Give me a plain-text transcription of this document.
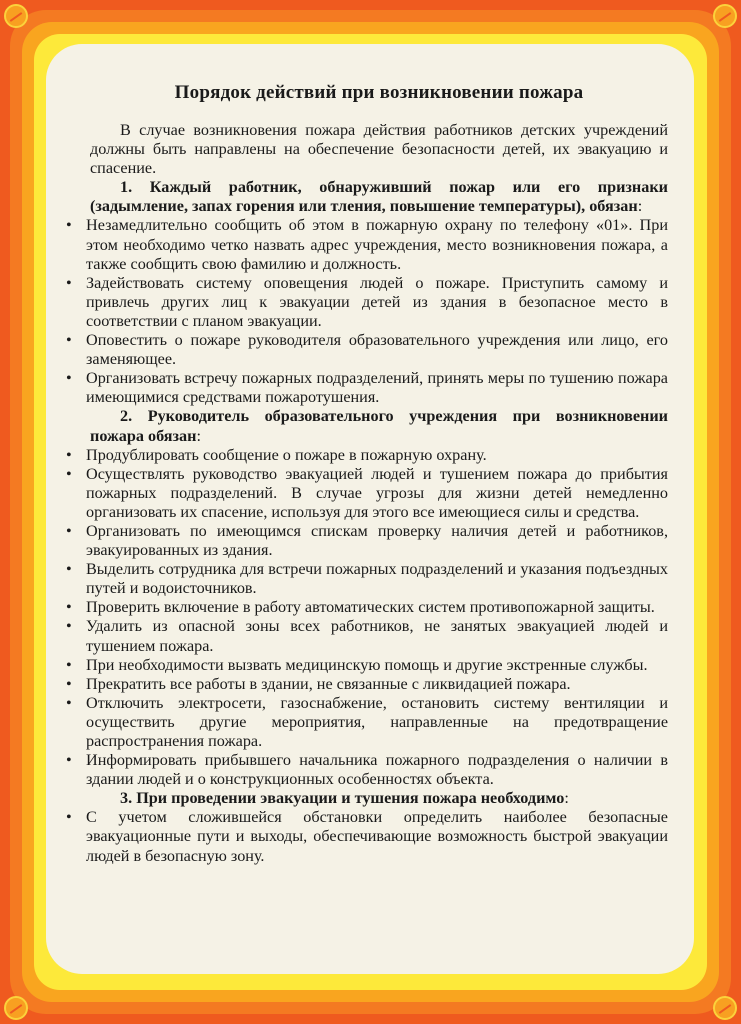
Порядок действий при возникновении пожара

В случае возникновения пожара действия работников детских учреждений должны быть направлены на обеспечение безопасности детей, их эвакуацию и спасение.

1. Каждый работник, обнаруживший пожар или его признаки (задымление, запах горения или тления, повышение температуры), обязан:

• Незамедлительно сообщить об этом в пожарную охрану по телефону «01». При этом необходимо четко назвать адрес учреждения, место возникновения пожара, а также сообщить свою фамилию и должность.
• Задействовать систему оповещения людей о пожаре. Приступить самому и привлечь других лиц к эвакуации детей из здания в безопасное место в соответствии с планом эвакуации.
• Оповестить о пожаре руководителя образовательного учреждения или лицо, его заменяющее.
• Организовать встречу пожарных подразделений, принять меры по тушению пожара имеющимися средствами пожаротушения.

2. Руководитель образовательного учреждения при возникновении пожара обязан:

• Продублировать сообщение о пожаре в пожарную охрану.
• Осуществлять руководство эвакуацией людей и тушением пожара до прибытия пожарных подразделений. В случае угрозы для жизни детей немедленно организовать их спасение, используя для этого все имеющиеся силы и средства.
• Организовать по имеющимся спискам проверку наличия детей и работников, эвакуированных из здания.
• Выделить сотрудника для встречи пожарных подразделений и указания подъездных путей и водоисточников.
• Проверить включение в работу автоматических систем противопожарной защиты.
• Удалить из опасной зоны всех работников, не занятых эвакуацией людей и тушением пожара.
• При необходимости вызвать медицинскую помощь и другие экстренные службы.
• Прекратить все работы в здании, не связанные с ликвидацией пожара.
• Отключить электросети, газоснабжение, остановить систему вентиляции и осуществить другие мероприятия, направленные на предотвращение распространения пожара.
• Информировать прибывшего начальника пожарного подразделения о наличии в здании людей и о конструкционных особенностях объекта.

3. При проведении эвакуации и тушения пожара необходимо:

• С учетом сложившейся обстановки определить наиболее безопасные эвакуационные пути и выходы, обеспечивающие возможность быстрой эвакуации людей в безопасную зону.
